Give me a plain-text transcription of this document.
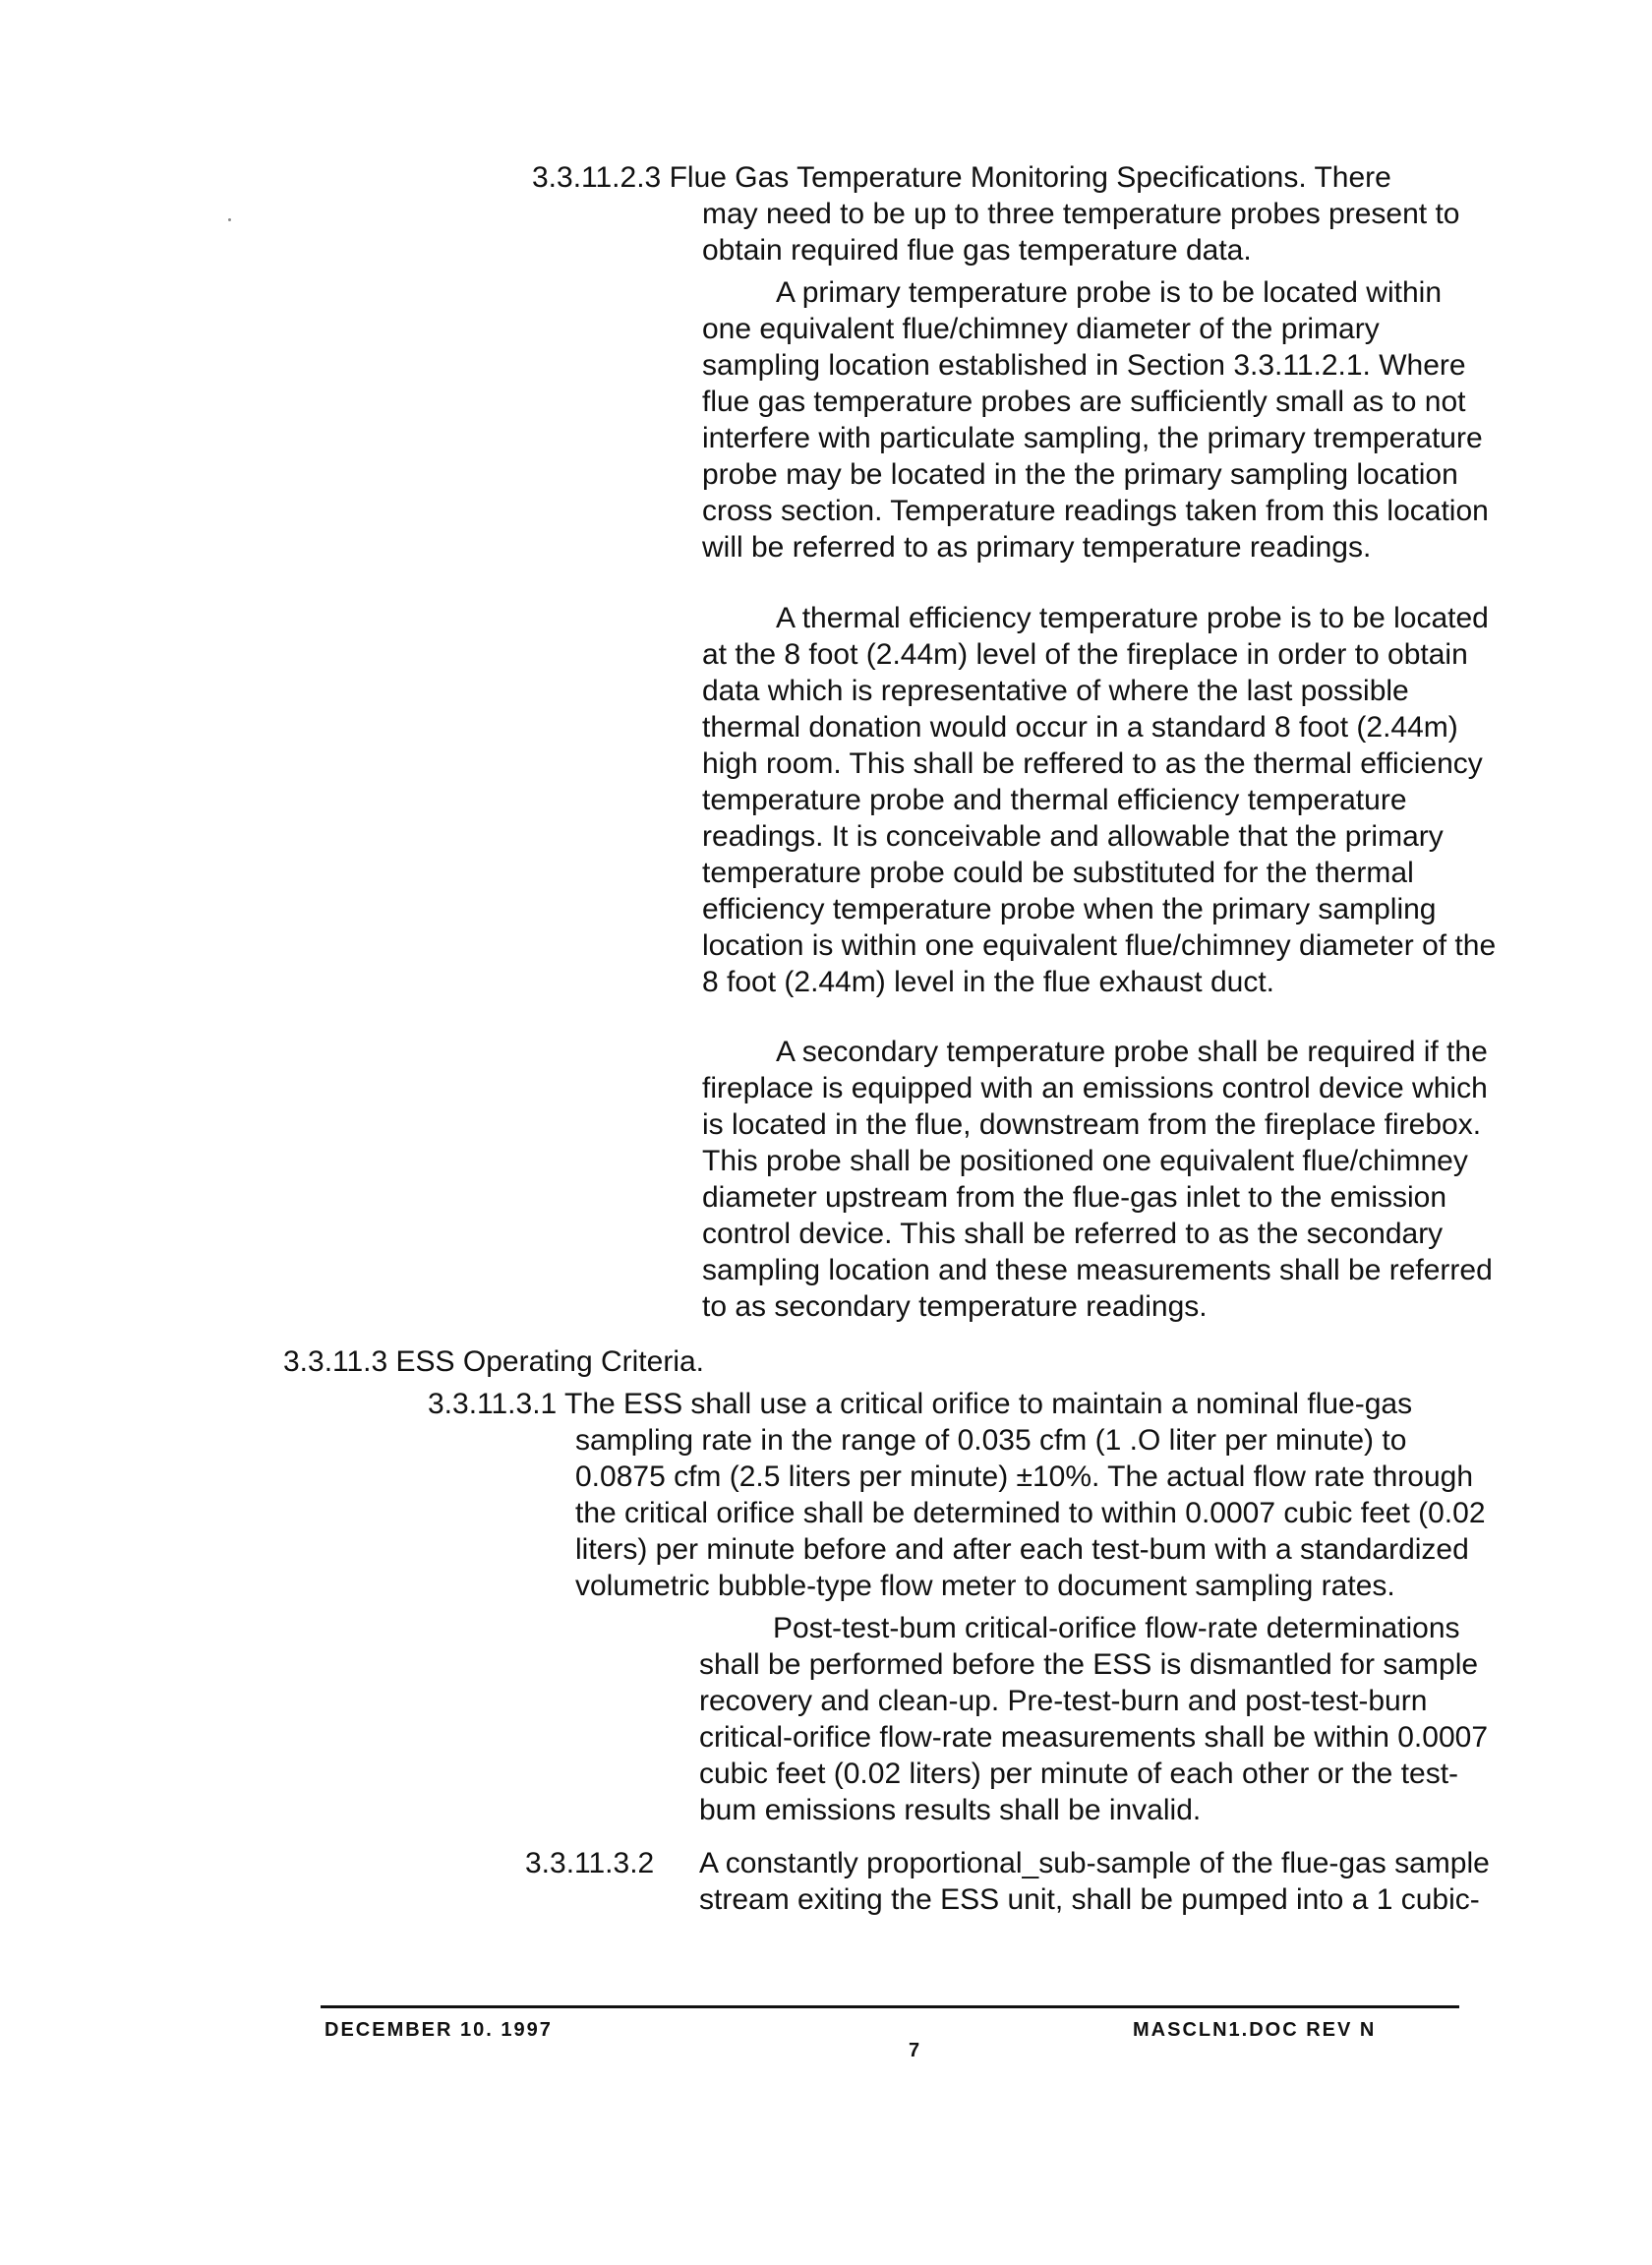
3.3.11.2.3 Flue Gas Temperature Monitoring Specifications. There
may need to be up to three temperature probes present to
obtain required flue gas temperature data.
A primary temperature probe is to be located within
one equivalent flue/chimney diameter of the primary
sampling location established in Section 3.3.11.2.1. Where
flue gas temperature probes are sufficiently small as to not
interfere with particulate sampling, the primary tremperature
probe may be located in the the primary sampling location
cross section. Temperature readings taken from this location
will be referred to as primary temperature readings.
A thermal efficiency temperature probe is to be located
at the 8 foot (2.44m) level of the fireplace in order to obtain
data which is representative of where the last possible
thermal donation would occur in a standard 8 foot (2.44m)
high room. This shall be reffered to as the thermal efficiency
temperature probe and thermal efficiency temperature
readings. It is conceivable and allowable that the primary
temperature probe could be substituted for the thermal
efficiency temperature probe when the primary sampling
location is within one equivalent flue/chimney diameter of the
8 foot (2.44m) level in the flue exhaust duct.
A secondary temperature probe shall be required if the
fireplace is equipped with an emissions control device which
is located in the flue, downstream from the fireplace firebox.
This probe shall be positioned one equivalent flue/chimney
diameter upstream from the flue-gas inlet to the emission
control device. This shall be referred to as the secondary
sampling location and these measurements shall be referred
to as secondary temperature readings.
3.3.11.3 ESS Operating Criteria.
3.3.11.3.1 The ESS shall use a critical orifice to maintain a nominal flue-gas
sampling rate in the range of 0.035 cfm (1 .O liter per minute) to
0.0875 cfm (2.5 liters per minute) ±10%. The actual flow rate through
the critical orifice shall be determined to within 0.0007 cubic feet (0.02
liters) per minute before and after each test-bum with a standardized
volumetric bubble-type flow meter to document sampling rates.
Post-test-bum critical-orifice flow-rate determinations
shall be performed before the ESS is dismantled for sample
recovery and clean-up. Pre-test-burn and post-test-burn
critical-orifice flow-rate measurements shall be within 0.0007
cubic feet (0.02 liters) per minute of each other or the test-
bum emissions results shall be invalid.
3.3.11.3.2 A constantly proportional_sub-sample of the flue-gas sample
stream exiting the ESS unit, shall be pumped into a 1 cubic-
DECEMBER 10. 1997
7
MASCLN1.DOC REV N
